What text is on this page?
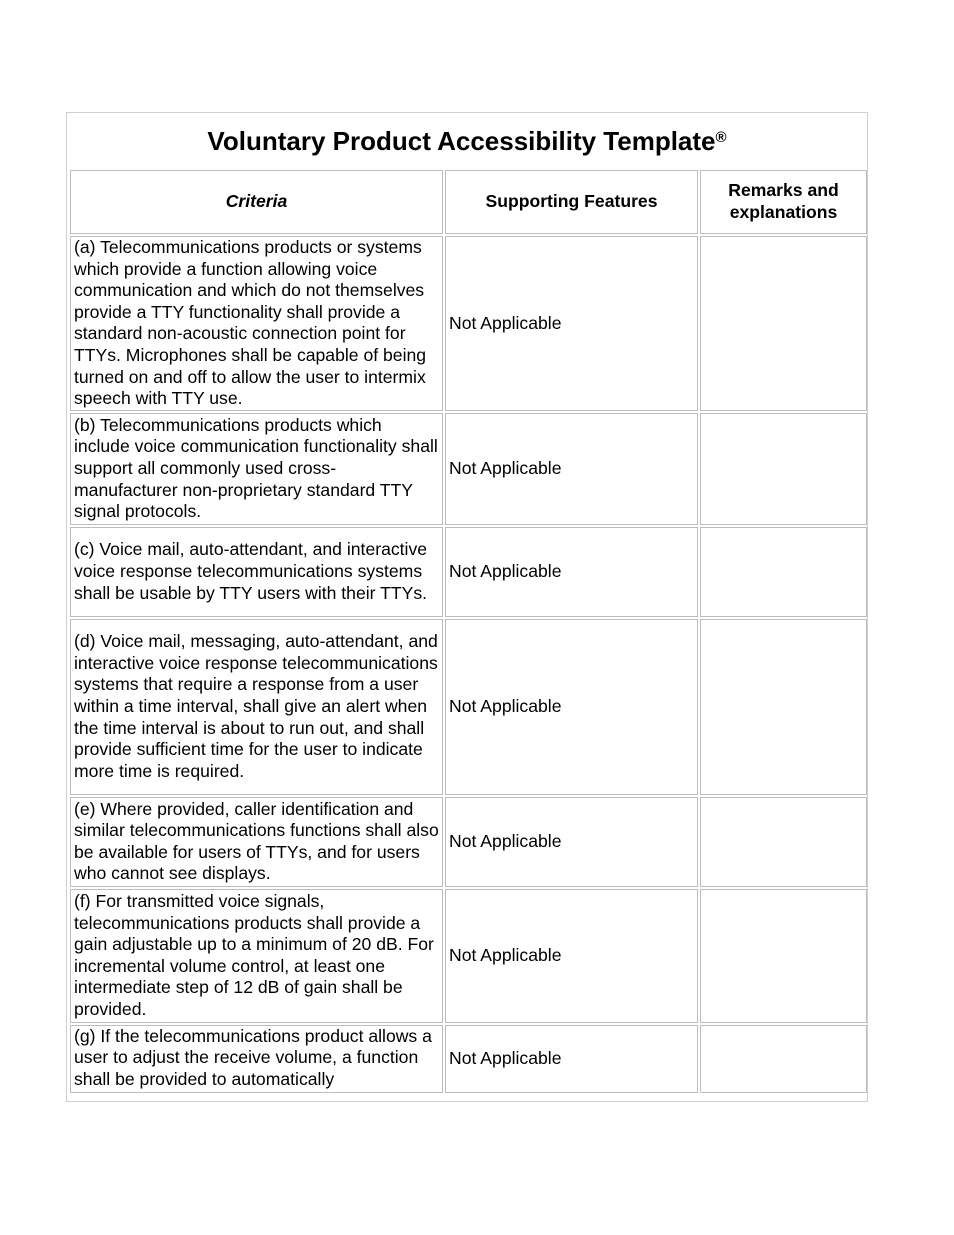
Voluntary Product Accessibility Template®
Criteria	Supporting Features	Remarks and
explanations
(a) Telecommunications products or systems which provide a function allowing voice communication and which do not themselves provide a TTY functionality shall provide a standard non-acoustic connection point for TTYs. Microphones shall be capable of being turned on and off to allow the user to intermix speech with TTY use.	Not Applicable	
(b) Telecommunications products which include voice communication functionality shall support all commonly used cross-manufacturer non-proprietary standard TTY signal protocols.	Not Applicable	
(c) Voice mail, auto-attendant, and interactive voice response telecommunications systems shall be usable by TTY users with their TTYs.	Not Applicable	
(d) Voice mail, messaging, auto-attendant, and interactive voice response telecommunications systems that require a response from a user within a time interval, shall give an alert when the time interval is about to run out, and shall provide sufficient time for the user to indicate more time is required.	Not Applicable	
(e) Where provided, caller identification and similar telecommunications functions shall also be available for users of TTYs, and for users who cannot see displays.	Not Applicable	
(f) For transmitted voice signals, telecommunications products shall provide a gain adjustable up to a minimum of 20 dB. For incremental volume control, at least one intermediate step of 12 dB of gain shall be provided.	Not Applicable	
(g) If the telecommunications product allows a user to adjust the receive volume, a function shall be provided to automatically	Not Applicable	
